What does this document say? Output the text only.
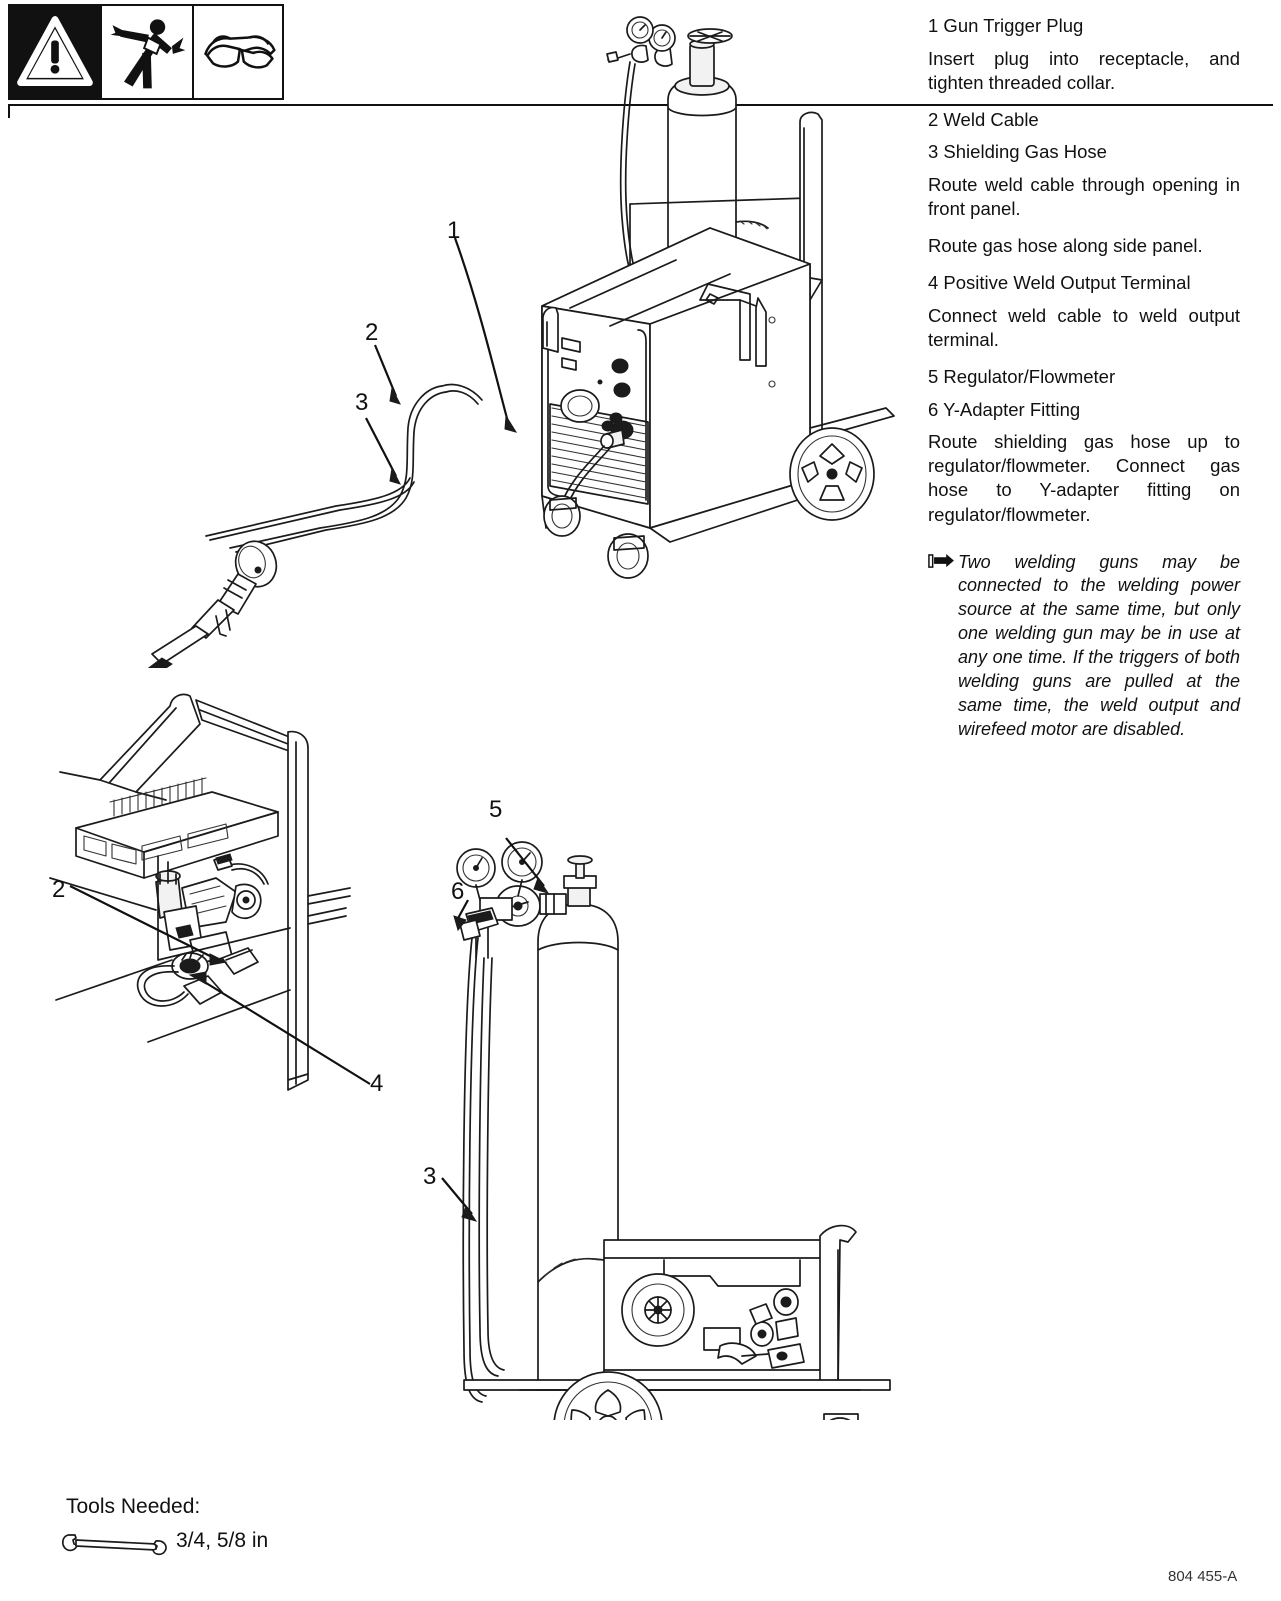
1
2
3
2
4
5
6
3

1 Gun Trigger Plug

Insert plug into receptacle, and tighten threaded collar.

2 Weld Cable

3 Shielding Gas Hose

Route weld cable through opening in front panel.

Route gas hose along side panel.

4 Positive Weld Output Terminal

Connect weld cable to weld output terminal.

5 Regulator/Flowmeter

6 Y-Adapter Fitting

Route shielding gas hose up to regulator/flowmeter. Connect gas hose to Y-adapter fitting on regulator/flowmeter.

Two welding guns may be connected to the welding power source at the same time, but only one welding gun may be in use at any one time. If the triggers of both welding guns are pulled at the same time, the weld output and wirefeed motor are disabled.
Tools Needed:
3/4, 5/8 in
804 455-A
